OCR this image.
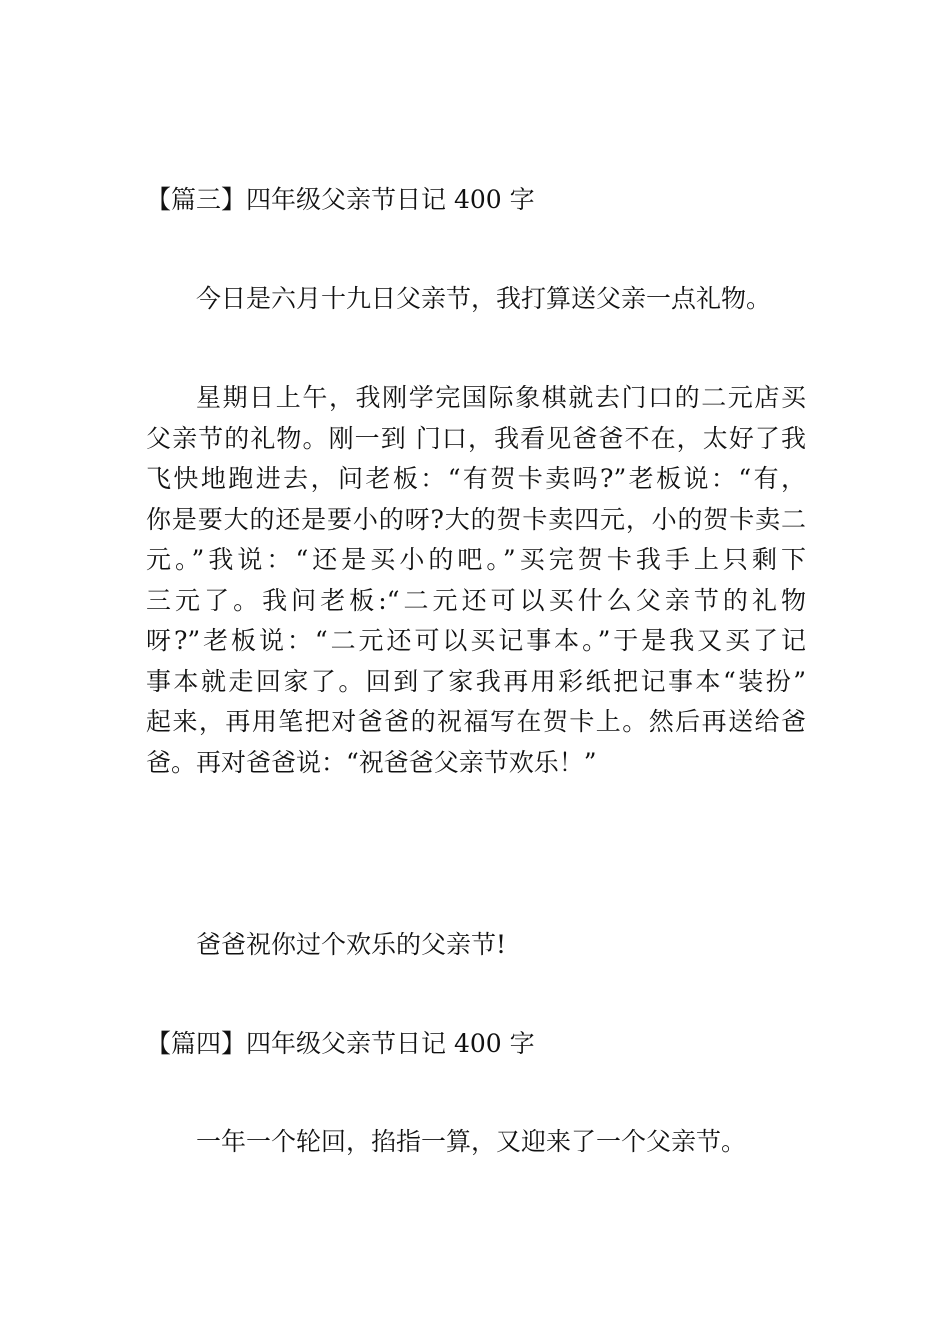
【篇三】四年级父亲节日记 400 字
今日是六月十九日父亲节，我打算送父亲一点礼物。
星期日上午，我刚学完国际象棋就去门口的二元店买
父亲节的礼物。刚一到 门口，我看见爸爸不在，太好了我
飞快地跑进去，问老板：“有贺卡卖吗?”老板说：“有，
你是要大的还是要小的呀?大的贺卡卖四元，小的贺卡卖二
元。”我说：“还是买小的吧。”买完贺卡我手上只剩下
三元了。我问老板:“二元还可以买什么父亲节的礼物
呀?”老板说：“二元还可以买记事本。”于是我又买了记
事本就走回家了。回到了家我再用彩纸把记事本“装扮”
起来，再用笔把对爸爸的祝福写在贺卡上。然后再送给爸
爸。再对爸爸说：“祝爸爸父亲节欢乐！”
爸爸祝你过个欢乐的父亲节!
【篇四】四年级父亲节日记 400 字
一年一个轮回，掐指一算，又迎来了一个父亲节。
